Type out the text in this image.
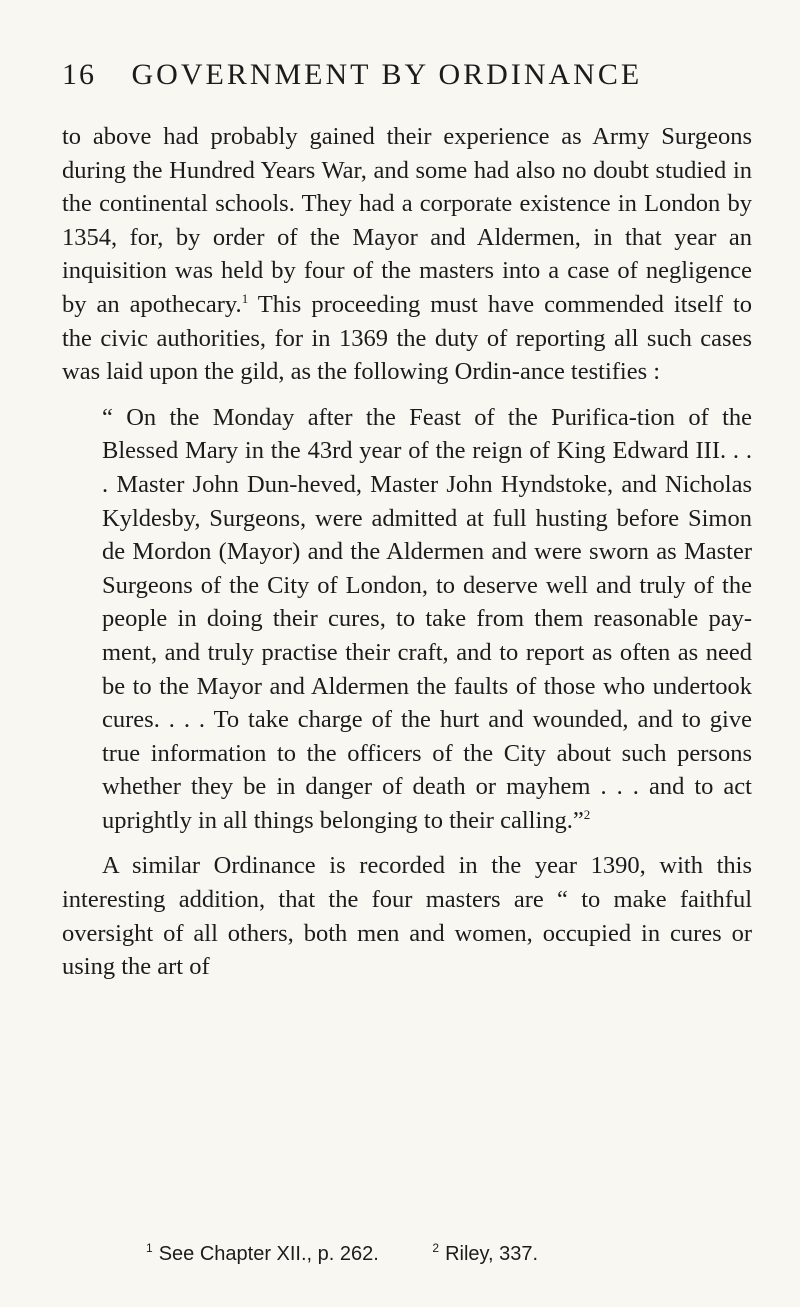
16 GOVERNMENT BY ORDINANCE

to above had probably gained their experience as Army Surgeons during the Hundred Years War, and some had also no doubt studied in the continental schools. They had a corporate existence in London by 1354, for, by order of the Mayor and Aldermen, in that year an inquisition was held by four of the masters into a case of negligence by an apothecary.$^1$ This proceeding must have commended itself to the civic authorities, for in 1369 the duty of reporting all such cases was laid upon the gild, as the following Ordin-ance testifies :

“ On the Monday after the Feast of the Purifica-tion of the Blessed Mary in the 43rd year of the reign of King Edward III. . . . Master John Dun-heved, Master John Hyndstoke, and Nicholas Kyldesby, Surgeons, were admitted at full husting before Simon de Mordon (Mayor) and the Aldermen and were sworn as Master Surgeons of the City of London, to deserve well and truly of the people in doing their cures, to take from them reasonable pay-ment, and truly practise their craft, and to report as often as need be to the Mayor and Aldermen the faults of those who undertook cures. . . . To take charge of the hurt and wounded, and to give true information to the officers of the City about such persons whether they be in danger of death or mayhem . . . and to act uprightly in all things belonging to their calling.”$^2$

A similar Ordinance is recorded in the year 1390, with this interesting addition, that the four masters are “ to make faithful oversight of all others, both men and women, occupied in cures or using the art of

$^1$ See Chapter XII., p. 262.	$^2$ Riley, 337.
